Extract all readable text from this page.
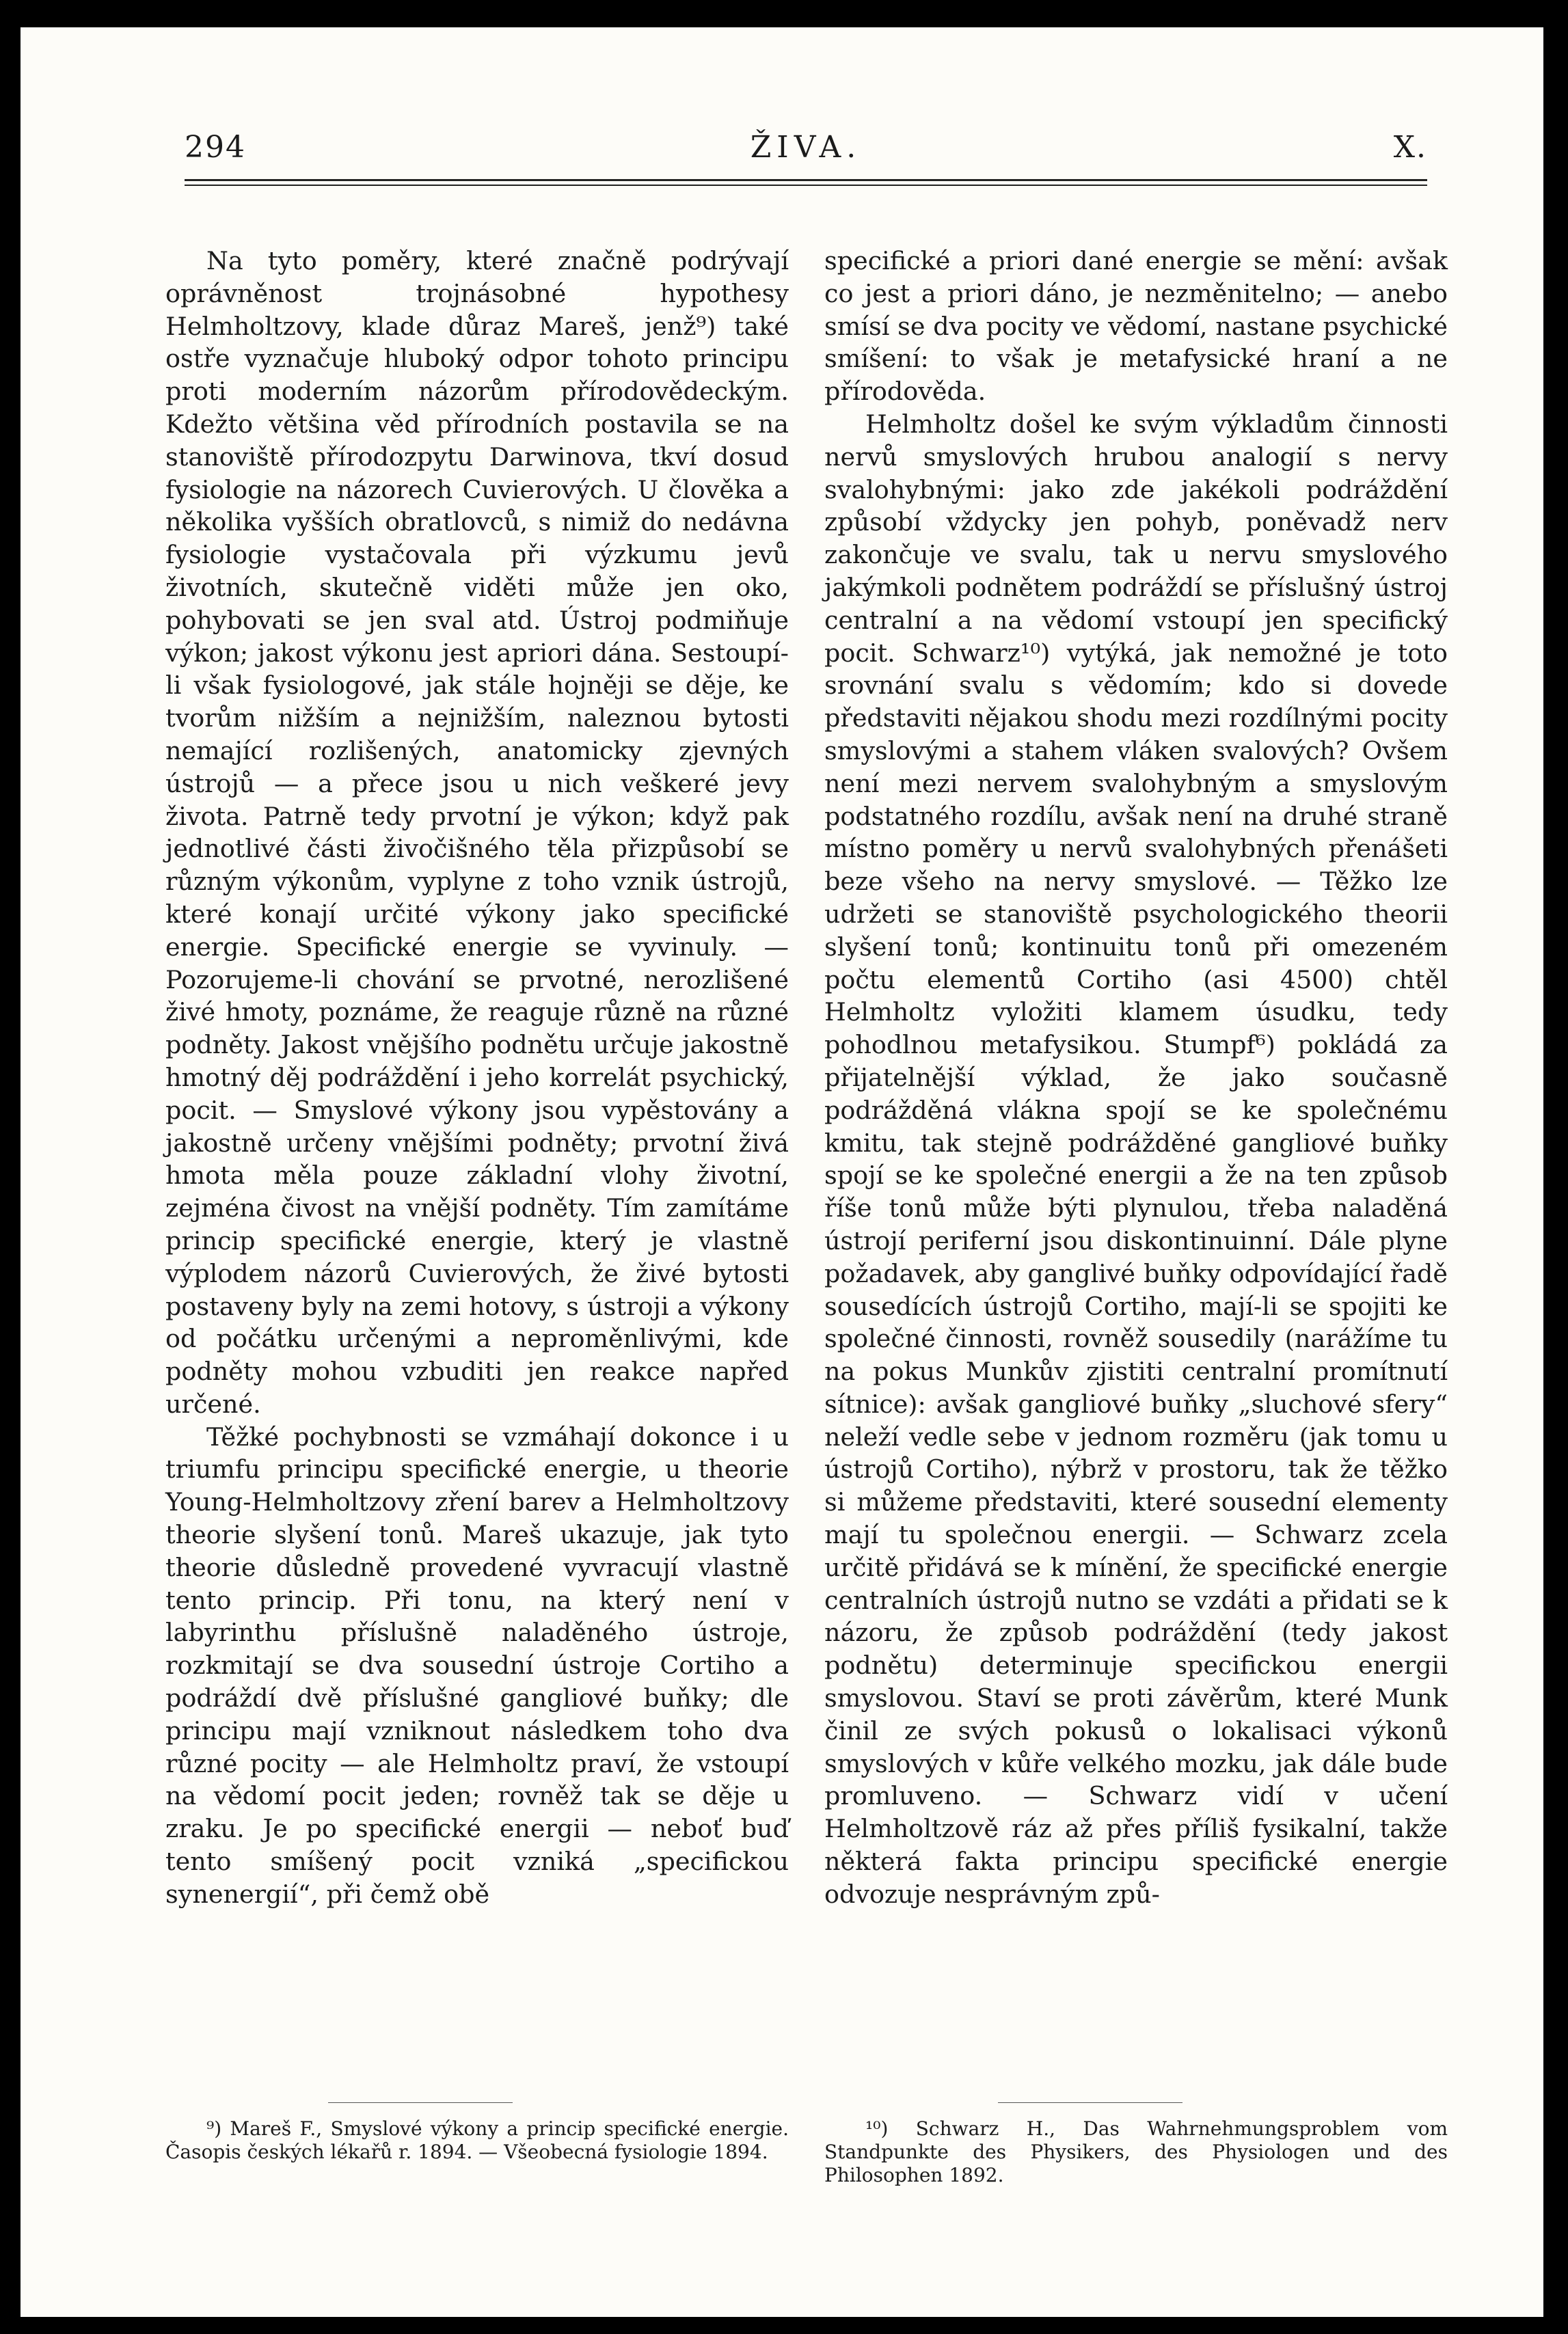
294	ŽIVA.	X.

Na tyto poměry, které značně podrývají oprávněnost trojnásobné hypothesy Helmholtzovy, klade důraz Mareš, jenž⁹) také ostře vyznačuje hluboký odpor tohoto principu proti moderním názorům přírodovědeckým. Kdežto většina věd přírodních postavila se na stanoviště přírodozpytu Darwinova, tkví dosud fysiologie na názorech Cuvierových. U člověka a několika vyšších obratlovců, s nimiž do nedávna fysiologie vystačovala při výzkumu jevů životních, skutečně viděti může jen oko, pohybovati se jen sval atd. Ústroj podmiňuje výkon; jakost výkonu jest apriori dána. Sestoupí-li však fysiologové, jak stále hojněji se děje, ke tvorům nižším a nejnižším, naleznou bytosti nemající rozlišených, anatomicky zjevných ústrojů — a přece jsou u nich veškeré jevy života. Patrně tedy prvotní je výkon; když pak jednotlivé části živočišného těla přizpůsobí se různým výkonům, vyplyne z toho vznik ústrojů, které konají určité výkony jako specifické energie. Specifické energie se vyvinuly. — Pozorujeme-li chování se prvotné, nerozlišené živé hmoty, poznáme, že reaguje různě na různé podněty. Jakost vnějšího podnětu určuje jakostně hmotný děj podráždění i jeho korrelát psychický, pocit. — Smyslové výkony jsou vypěstovány a jakostně určeny vnějšími podněty; prvotní živá hmota měla pouze základní vlohy životní, zejména čivost na vnější podněty. Tím zamítáme princip specifické energie, který je vlastně výplodem názorů Cuvierových, že živé bytosti postaveny byly na zemi hotovy, s ústroji a výkony od počátku určenými a neproměnlivými, kde podněty mohou vzbuditi jen reakce napřed určené.

Těžké pochybnosti se vzmáhají dokonce i u triumfu principu specifické energie, u theorie Young-Helmholtzovy zření barev a Helmholtzovy theorie slyšení tonů. Mareš ukazuje, jak tyto theorie důsledně provedené vyvracují vlastně tento princip. Při tonu, na který není v labyrinthu příslušně naladěného ústroje, rozkmitají se dva sousední ústroje Cortiho a podráždí dvě příslušné gangliové buňky; dle principu mají vzniknout následkem toho dva různé pocity — ale Helmholtz praví, že vstoupí na vědomí pocit jeden; rovněž tak se děje u zraku. Je po specifické energii — neboť buď tento smíšený pocit vzniká „specifickou synenergií“, při čemž obě

specifické a priori dané energie se mění: avšak co jest a priori dáno, je nezměnitelno; — anebo smísí se dva pocity ve vědomí, nastane psychické smíšení: to však je metafysické hraní a ne přírodověda.

Helmholtz došel ke svým výkladům činnosti nervů smyslových hrubou analogií s nervy svalohybnými: jako zde jakékoli podráždění způsobí vždycky jen pohyb, poněvadž nerv zakončuje ve svalu, tak u nervu smyslového jakýmkoli podnětem podráždí se příslušný ústroj centralní a na vědomí vstoupí jen specifický pocit. Schwarz¹⁰) vytýká, jak nemožné je toto srovnání svalu s vědomím; kdo si dovede představiti nějakou shodu mezi rozdílnými pocity smyslovými a stahem vláken svalových? Ovšem není mezi nervem svalohybným a smyslovým podstatného rozdílu, avšak není na druhé straně místno poměry u nervů svalohybných přenášeti beze všeho na nervy smyslové. — Těžko lze udržeti se stanoviště psychologického theorii slyšení tonů; kontinuitu tonů při omezeném počtu elementů Cortiho (asi 4500) chtěl Helmholtz vyložiti klamem úsudku, tedy pohodlnou metafysikou. Stumpf⁶) pokládá za přijatelnější výklad, že jako současně podrážděná vlákna spojí se ke společnému kmitu, tak stejně podrážděné gangliové buňky spojí se ke společné energii a že na ten způsob říše tonů může býti plynulou, třeba naladěná ústrojí periferní jsou diskontinuinní. Dále plyne požadavek, aby ganglivé buňky odpovídající řadě sousedících ústrojů Cortiho, mají-li se spojiti ke společné činnosti, rovněž sousedily (narážíme tu na pokus Munkův zjistiti centralní promítnutí sítnice): avšak gangliové buňky „sluchové sfery“ neleží vedle sebe v jednom rozměru (jak tomu u ústrojů Cortiho), nýbrž v prostoru, tak že těžko si můžeme představiti, které sousední elementy mají tu společnou energii. — Schwarz zcela určitě přidává se k mínění, že specifické energie centralních ústrojů nutno se vzdáti a přidati se k názoru, že způsob podráždění (tedy jakost podnětu) determinuje specifickou energii smyslovou. Staví se proti závěrům, které Munk činil ze svých pokusů o lokalisaci výkonů smyslových v kůře velkého mozku, jak dále bude promluveno. — Schwarz vidí v učení Helmholtzově ráz až přes příliš fysikalní, takže některá fakta principu specifické energie odvozuje nesprávným způ-

⁹) Mareš F., Smyslové výkony a princip specifické energie. Časopis českých lékařů r. 1894. — Všeobecná fysiologie 1894.

¹⁰) Schwarz H., Das Wahrnehmungsproblem vom Standpunkte des Physikers, des Physiologen und des Philosophen 1892.
